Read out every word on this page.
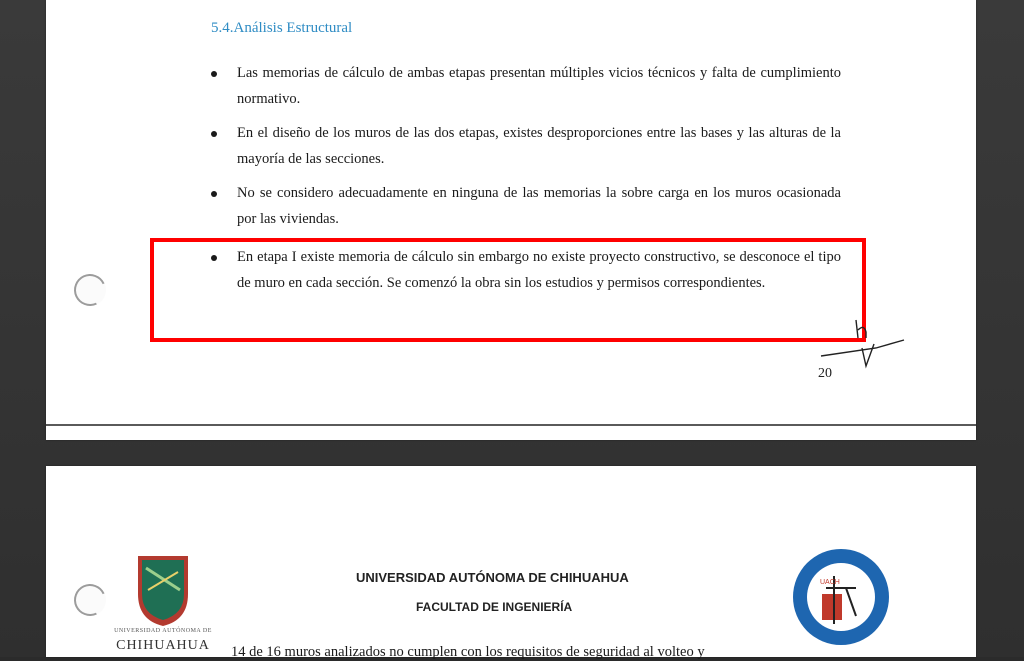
5.4.Análisis Estructural
Las memorias de cálculo de ambas etapas presentan múltiples vicios técnicos y falta de cumplimiento normativo.
En el diseño de los muros de las dos etapas, existes desproporciones entre las bases y las alturas de la mayoría de las secciones.
No se considero adecuadamente en ninguna de las memorias la sobre carga en los muros ocasionada por las viviendas.
En etapa I existe memoria de cálculo sin embargo no existe proyecto constructivo, se desconoce el tipo de muro en cada sección. Se comenzó la obra sin los estudios y permisos correspondientes.
20
UNIVERSIDAD AUTÓNOMA DE
CHIHUAHUA
UNIVERSIDAD AUTÓNOMA DE CHIHUAHUA
FACULTAD DE INGENIERÍA
UACH
14 de 16 muros analizados no cumplen con los requisitos de seguridad al volteo y
